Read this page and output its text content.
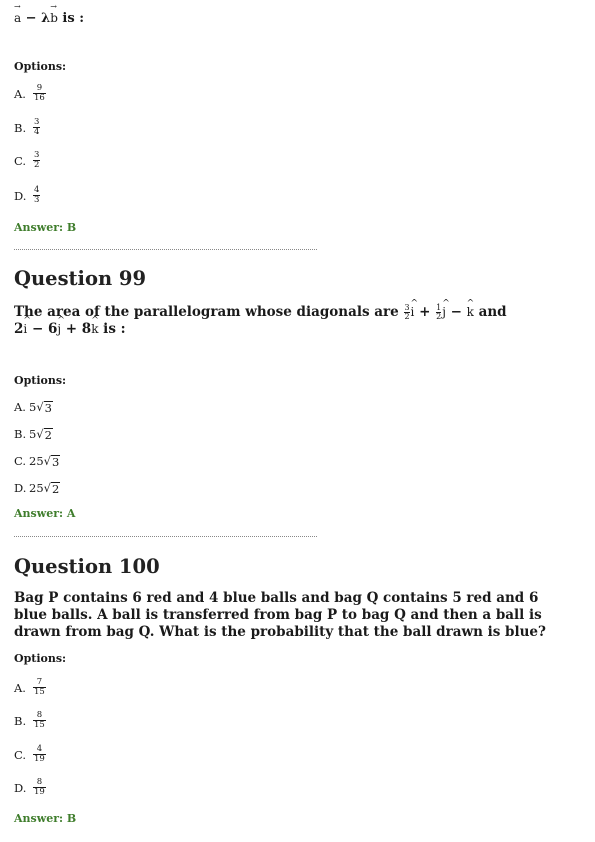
→ a − λ→ b is :
Options:
A. $\frac{9}{16}$
B. $\frac{3}{4}$
C. $\frac{3}{2}$
D. $\frac{4}{3}$
Answer: B
Question 99
The area of the parallelogram whose diagonals are $\frac{3}{2}$ ^ $i + \frac{1}{2}$ ^ j − ^ k and
2^ i − 6^ j + 8^ k is :
Options:
A. 5 √ 3
B. 5 √ 2
C. 25 √ 3
D. 25 √ 2
Answer: A
Question 100
Bag P contains 6 red and 4 blue balls and bag Q contains 5 red and 6 blue balls. A ball is transferred from bag P to bag Q and then a ball is drawn from bag Q. What is the probability that the ball drawn is blue?
Options:
A. $\frac{7}{15}$
B. $\frac{8}{15}$
C. $\frac{4}{19}$
D. $\frac{8}{19}$
Answer: B
